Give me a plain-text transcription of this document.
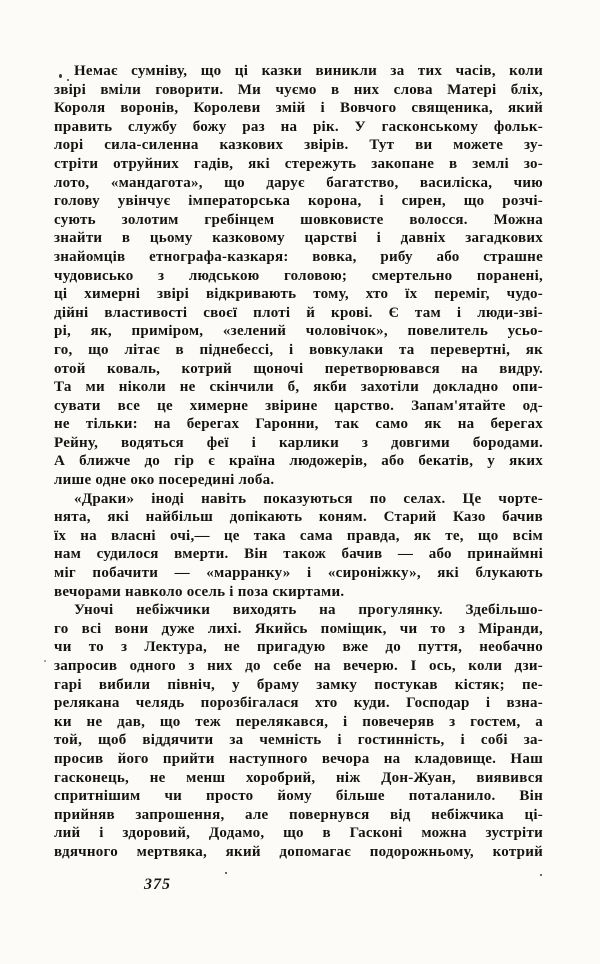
Немає сумніву, що ці казки виникли за тих часів, коли
звірі вміли говорити. Ми чуємо в них слова Матері бліх,
Короля воронів, Королеви змій і Вовчого священика, який
править службу божу раз на рік. У гасконському фольк-
лорі сила-силенна казкових звірів. Тут ви можете зу-
стріти отруйних гадів, які стережуть закопане в землі зо-
лото, «мандагота», що дарує багатство, василіска, чию
голову увінчує імператорська корона, і сирен, що розчі-
сують золотим гребінцем шовковисте волосся. Можна
знайти в цьому казковому царстві і давніх загадкових
знайомців етнографа-казкаря: вовка, рибу або страшне
чудовисько з людською головою; смертельно поранені,
ці химерні звірі відкривають тому, хто їх переміг, чудо-
дійні властивості своєї плоті й крові. Є там і люди-зві-
рі, як, приміром, «зелений чоловічок», повелитель усьо-
го, що літає в піднебессі, і вовкулаки та перевертні, як
отой коваль, котрий щоночі перетворювався на видру.
Та ми ніколи не скінчили б, якби захотіли докладно опи-
сувати все це химерне звірине царство. Запам'ятайте од-
не тільки: на берегах Гаронни, так само як на берегах
Рейну, водяться феї і карлики з довгими бородами.
А ближче до гір є країна людожерів, або бекатів, у яких
лише одне око посередині лоба.
«Драки» іноді навіть показуються по селах. Це чорте-
нята, які найбільш допікають коням. Старий Казо бачив
їх на власні очі,— це така сама правда, як те, що всім
нам судилося вмерти. Він також бачив — або принаймні
міг побачити — «марранку» і «сироніжку», які блукають
вечорами навколо осель і поза скиртами.
Уночі небіжчики виходять на прогулянку. Здебільшо-
го всі вони дуже лихі. Якийсь поміщик, чи то з Міранди,
чи то з Лектура, не пригадую вже до пуття, необачно
запросив одного з них до себе на вечерю. І ось, коли дзи-
гарі вибили північ, у браму замку постукав кістяк; пе-
релякана челядь порозбігалася хто куди. Господар і взна-
ки не дав, що теж перелякався, і повечеряв з гостем, а
той, щоб віддячити за чемність і гостинність, і собі за-
просив його прийти наступного вечора на кладовище. Наш
гасконець, не менш хоробрий, ніж Дон-Жуан, виявився
спритнішим чи просто йому більше поталанило. Він
прийняв запрошення, але повернувся від небіжчика ці-
лий і здоровий, Додамо, що в Гасконі можна зустріти
вдячного мертвяка, який допомагає подорожньому, котрий
375
